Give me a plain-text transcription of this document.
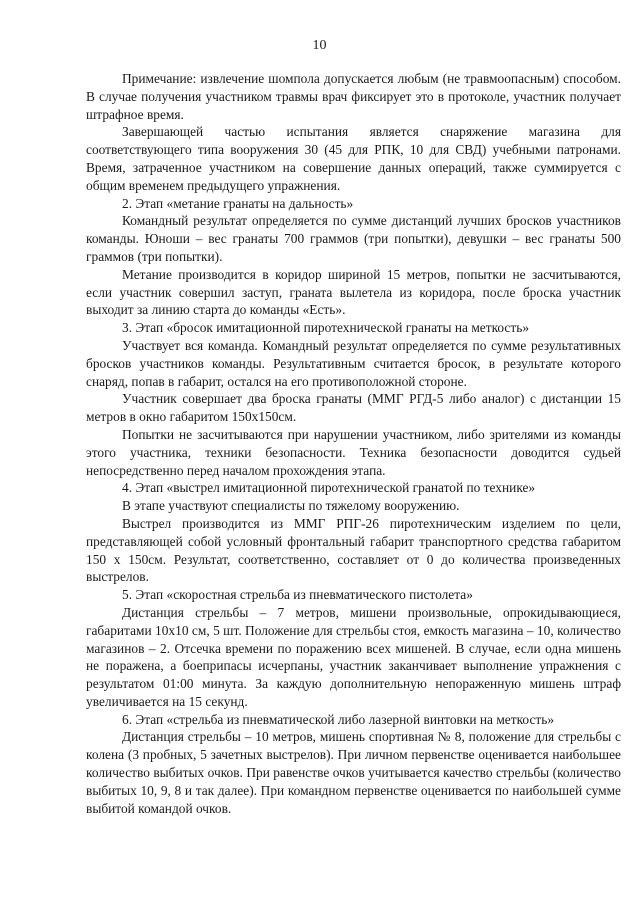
10

Примечание: извлечение шомпола допускается любым (не травмоопасным) способом. В случае получения участником травмы врач фиксирует это в протоколе, участник получает штрафное время.

Завершающей частью испытания является снаряжение магазина для соответствующего типа вооружения 30 (45 для РПК, 10 для СВД) учебными патронами. Время, затраченное участником на совершение данных операций, также суммируется с общим временем предыдущего упражнения.

2. Этап «метание гранаты на дальность»

Командный результат определяется по сумме дистанций лучших бросков участников команды. Юноши – вес гранаты 700 граммов (три попытки), девушки – вес гранаты 500 граммов (три попытки).

Метание производится в коридор шириной 15 метров, попытки не засчитываются, если участник совершил заступ, граната вылетела из коридора, после броска участник выходит за линию старта до команды «Есть».

3. Этап «бросок имитационной пиротехнической гранаты на меткость»

Участвует вся команда. Командный результат определяется по сумме результативных бросков участников команды. Результативным считается бросок, в результате которого снаряд, попав в габарит, остался на его противоположной стороне.

Участник совершает два броска гранаты (ММГ РГД-5 либо аналог) с дистанции 15 метров в окно габаритом 150х150см.

Попытки не засчитываются при нарушении участником, либо зрителями из команды этого участника, техники безопасности. Техника безопасности доводится судьей непосредственно перед началом прохождения этапа.

4. Этап «выстрел имитационной пиротехнической гранатой по технике»

В этапе участвуют специалисты по тяжелому вооружению.

Выстрел производится из ММГ РПГ-26 пиротехническим изделием по цели, представляющей собой условный фронтальный габарит транспортного средства габаритом 150 х 150см. Результат, соответственно, составляет от 0 до количества произведенных выстрелов.

5. Этап «скоростная стрельба из пневматического пистолета»

Дистанция стрельбы – 7 метров, мишени произвольные, опрокидывающиеся, габаритами 10х10 см, 5 шт. Положение для стрельбы стоя, емкость магазина – 10, количество магазинов – 2. Отсечка времени по поражению всех мишеней. В случае, если одна мишень не поражена, а боеприпасы исчерпаны, участник заканчивает выполнение упражнения с результатом 01:00 минута. За каждую дополнительную непораженную мишень штраф увеличивается на 15 секунд.

6. Этап «стрельба из пневматической либо лазерной винтовки на меткость»

Дистанция стрельбы – 10 метров, мишень спортивная № 8, положение для стрельбы с колена (3 пробных, 5 зачетных выстрелов). При личном первенстве оценивается наибольшее количество выбитых очков. При равенстве очков учитывается качество стрельбы (количество выбитых 10, 9, 8 и так далее). При командном первенстве оценивается по наибольшей сумме выбитой командой очков.
